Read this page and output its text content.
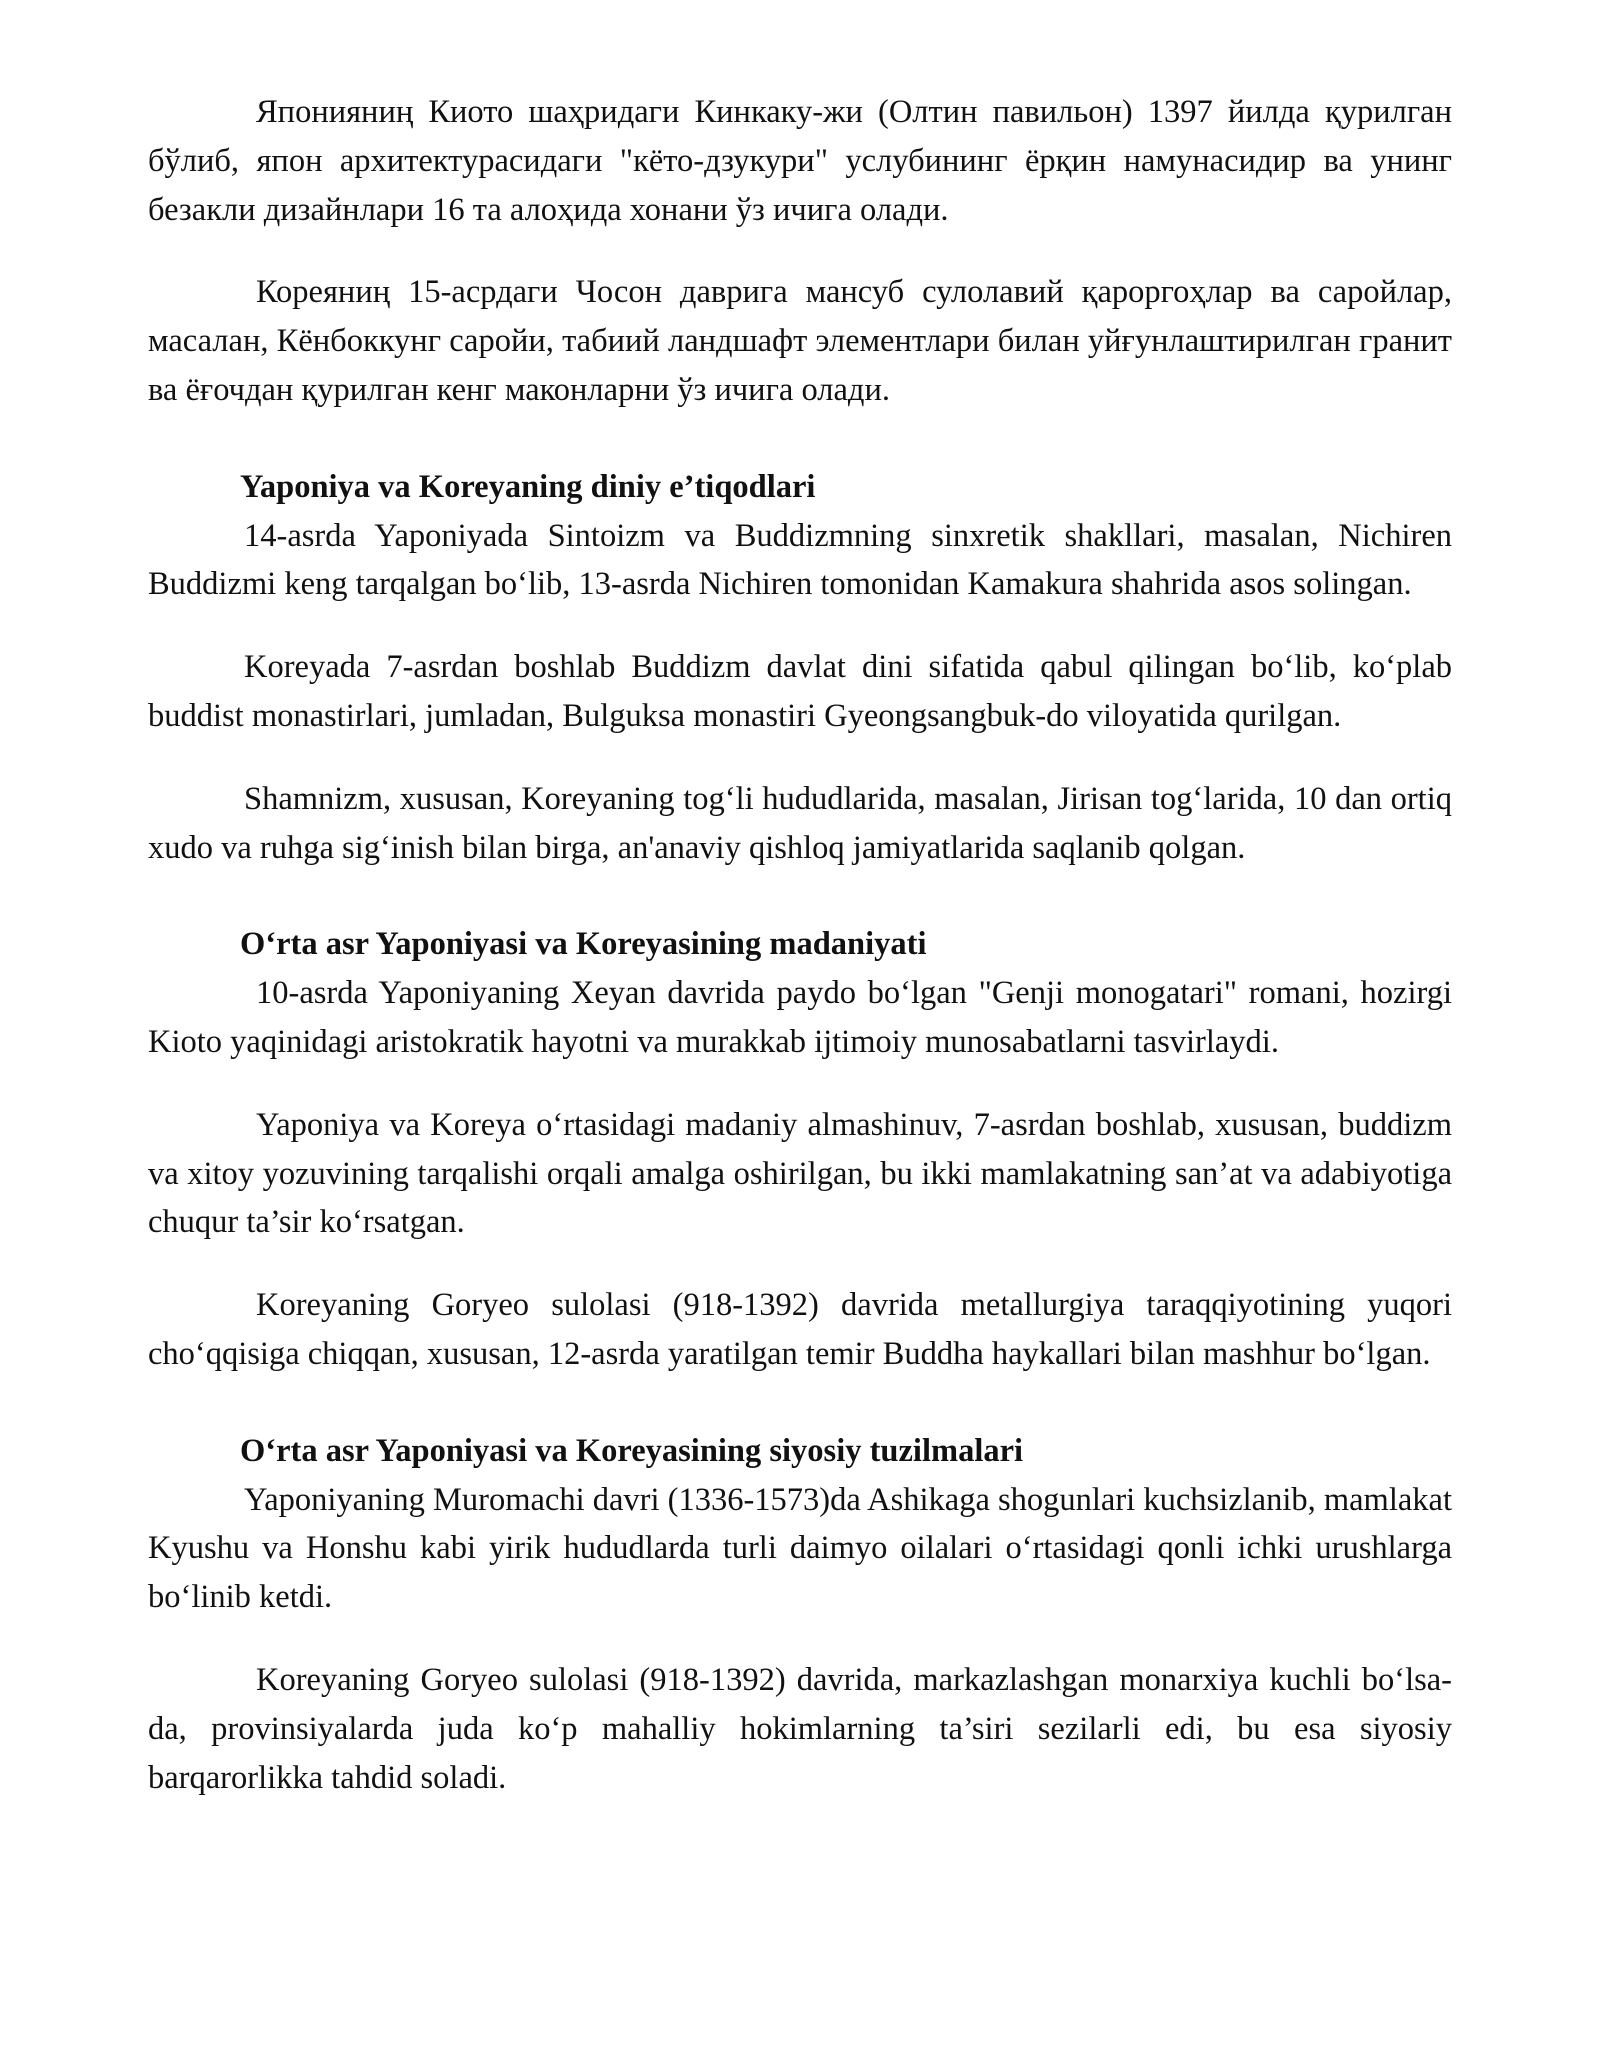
Японияниң Киото шаҳридаги Кинкаку-жи (Олтин павильон) 1397 йилда қурилган бўлиб, япон архитектурасидаги "кёто-дзукури" услубининг ёрқин намунасидир ва унинг безакли дизайнлари 16 та алоҳида хонани ўз ичига олади.

Кореяниң 15-асрдаги Чосон даврига мансуб сулолавий қароргоҳлар ва саройлар, масалан, Кёнбоккунг саройи, табиий ландшафт элементлари билан уйғунлаштирилган гранит ва ёғочдан қурилган кенг маконларни ўз ичига олади.

Yaponiya va Koreyaning diniy e’tiqodlari

14-asrda Yaponiyada Sintoizm va Buddizmning sinxretik shakllari, masalan, Nichiren Buddizmi keng tarqalgan bo‘lib, 13-asrda Nichiren tomonidan Kamakura shahrida asos solingan.

Koreyada 7-asrdan boshlab Buddizm davlat dini sifatida qabul qilingan bo‘lib, ko‘plab buddist monastirlari, jumladan, Bulguksa monastiri Gyeongsangbuk-do viloyatida qurilgan.

Shamnizm, xususan, Koreyaning tog‘li hududlarida, masalan, Jirisan tog‘larida, 10 dan ortiq xudo va ruhga sig‘inish bilan birga, an'anaviy qishloq jamiyatlarida saqlanib qolgan.

O‘rta asr Yaponiyasi va Koreyasining madaniyati

10-asrda Yaponiyaning Xeyan davrida paydo bo‘lgan "Genji monogatari" romani, hozirgi Kioto yaqinidagi aristokratik hayotni va murakkab ijtimoiy munosabatlarni tasvirlaydi.

Yaponiya va Koreya o‘rtasidagi madaniy almashinuv, 7-asrdan boshlab, xususan, buddizm va xitoy yozuvining tarqalishi orqali amalga oshirilgan, bu ikki mamlakatning san’at va adabiyotiga chuqur ta’sir ko‘rsatgan.

Koreyaning Goryeo sulolasi (918-1392) davrida metallurgiya taraqqiyotining yuqori cho‘qqisiga chiqqan, xususan, 12-asrda yaratilgan temir Buddha haykallari bilan mashhur bo‘lgan.

O‘rta asr Yaponiyasi va Koreyasining siyosiy tuzilmalari

Yaponiyaning Muromachi davri (1336-1573)da Ashikaga shogunlari kuchsizlanib, mamlakat Kyushu va Honshu kabi yirik hududlarda turli daimyo oilalari o‘rtasidagi qonli ichki urushlarga bo‘linib ketdi.

Koreyaning Goryeo sulolasi (918-1392) davrida, markazlashgan monarxiya kuchli bo‘lsa-da, provinsiyalarda juda ko‘p mahalliy hokimlarning ta’siri sezilarli edi, bu esa siyosiy barqarorlikka tahdid soladi.
